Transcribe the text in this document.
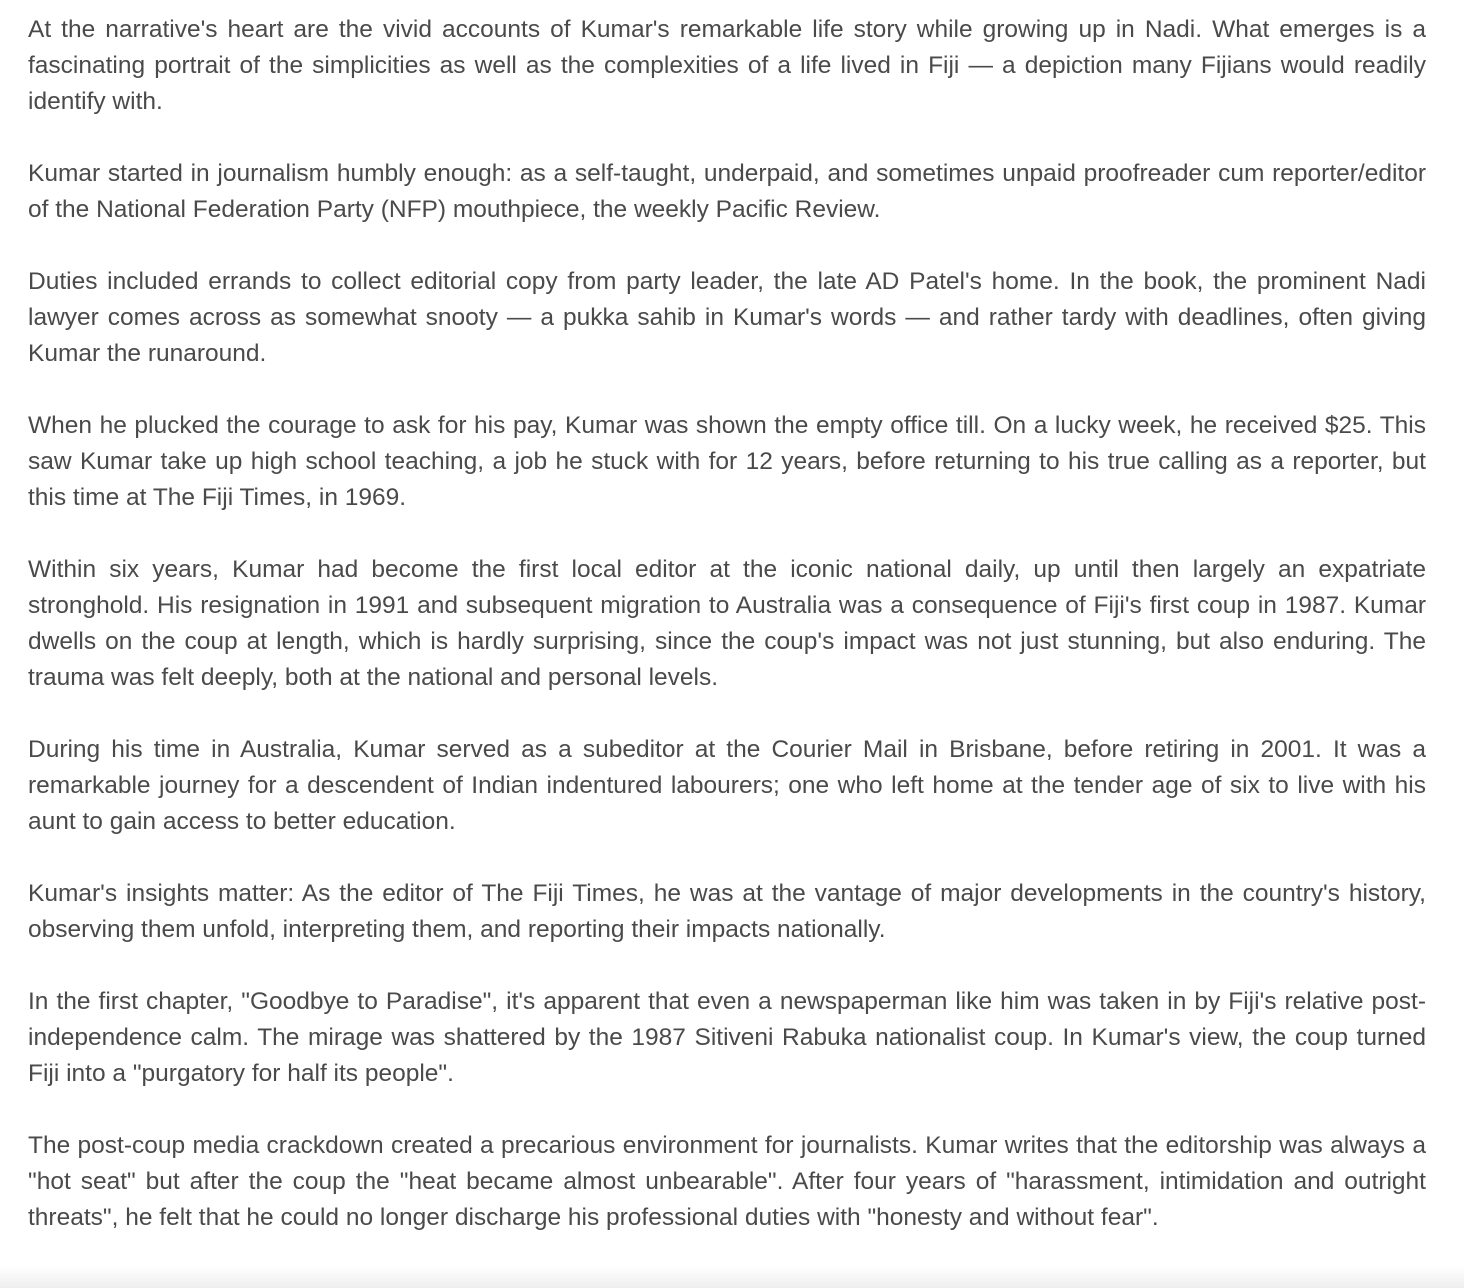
At the narrative's heart are the vivid accounts of Kumar's remarkable life story while growing up in Nadi. What emerges is a fascinating portrait of the simplicities as well as the complexities of a life lived in Fiji — a depiction many Fijians would readily identify with.

Kumar started in journalism humbly enough: as a self-taught, underpaid, and sometimes unpaid proofreader cum reporter/editor of the National Federation Party (NFP) mouthpiece, the weekly Pacific Review.

Duties included errands to collect editorial copy from party leader, the late AD Patel's home. In the book, the prominent Nadi lawyer comes across as somewhat snooty — a pukka sahib in Kumar's words — and rather tardy with deadlines, often giving Kumar the runaround.

When he plucked the courage to ask for his pay, Kumar was shown the empty office till. On a lucky week, he received $25. This saw Kumar take up high school teaching, a job he stuck with for 12 years, before returning to his true calling as a reporter, but this time at The Fiji Times, in 1969.

Within six years, Kumar had become the first local editor at the iconic national daily, up until then largely an expatriate stronghold. His resignation in 1991 and subsequent migration to Australia was a consequence of Fiji's first coup in 1987. Kumar dwells on the coup at length, which is hardly surprising, since the coup's impact was not just stunning, but also enduring. The trauma was felt deeply, both at the national and personal levels.

During his time in Australia, Kumar served as a subeditor at the Courier Mail in Brisbane, before retiring in 2001. It was a remarkable journey for a descendent of Indian indentured labourers; one who left home at the tender age of six to live with his aunt to gain access to better education.

Kumar's insights matter: As the editor of The Fiji Times, he was at the vantage of major developments in the country's history, observing them unfold, interpreting them, and reporting their impacts nationally.

In the first chapter, "Goodbye to Paradise", it's apparent that even a newspaperman like him was taken in by Fiji's relative post-independence calm. The mirage was shattered by the 1987 Sitiveni Rabuka nationalist coup. In Kumar's view, the coup turned Fiji into a "purgatory for half its people".

The post-coup media crackdown created a precarious environment for journalists. Kumar writes that the editorship was always a "hot seat" but after the coup the "heat became almost unbearable". After four years of "harassment, intimidation and outright threats", he felt that he could no longer discharge his professional duties with "honesty and without fear".
